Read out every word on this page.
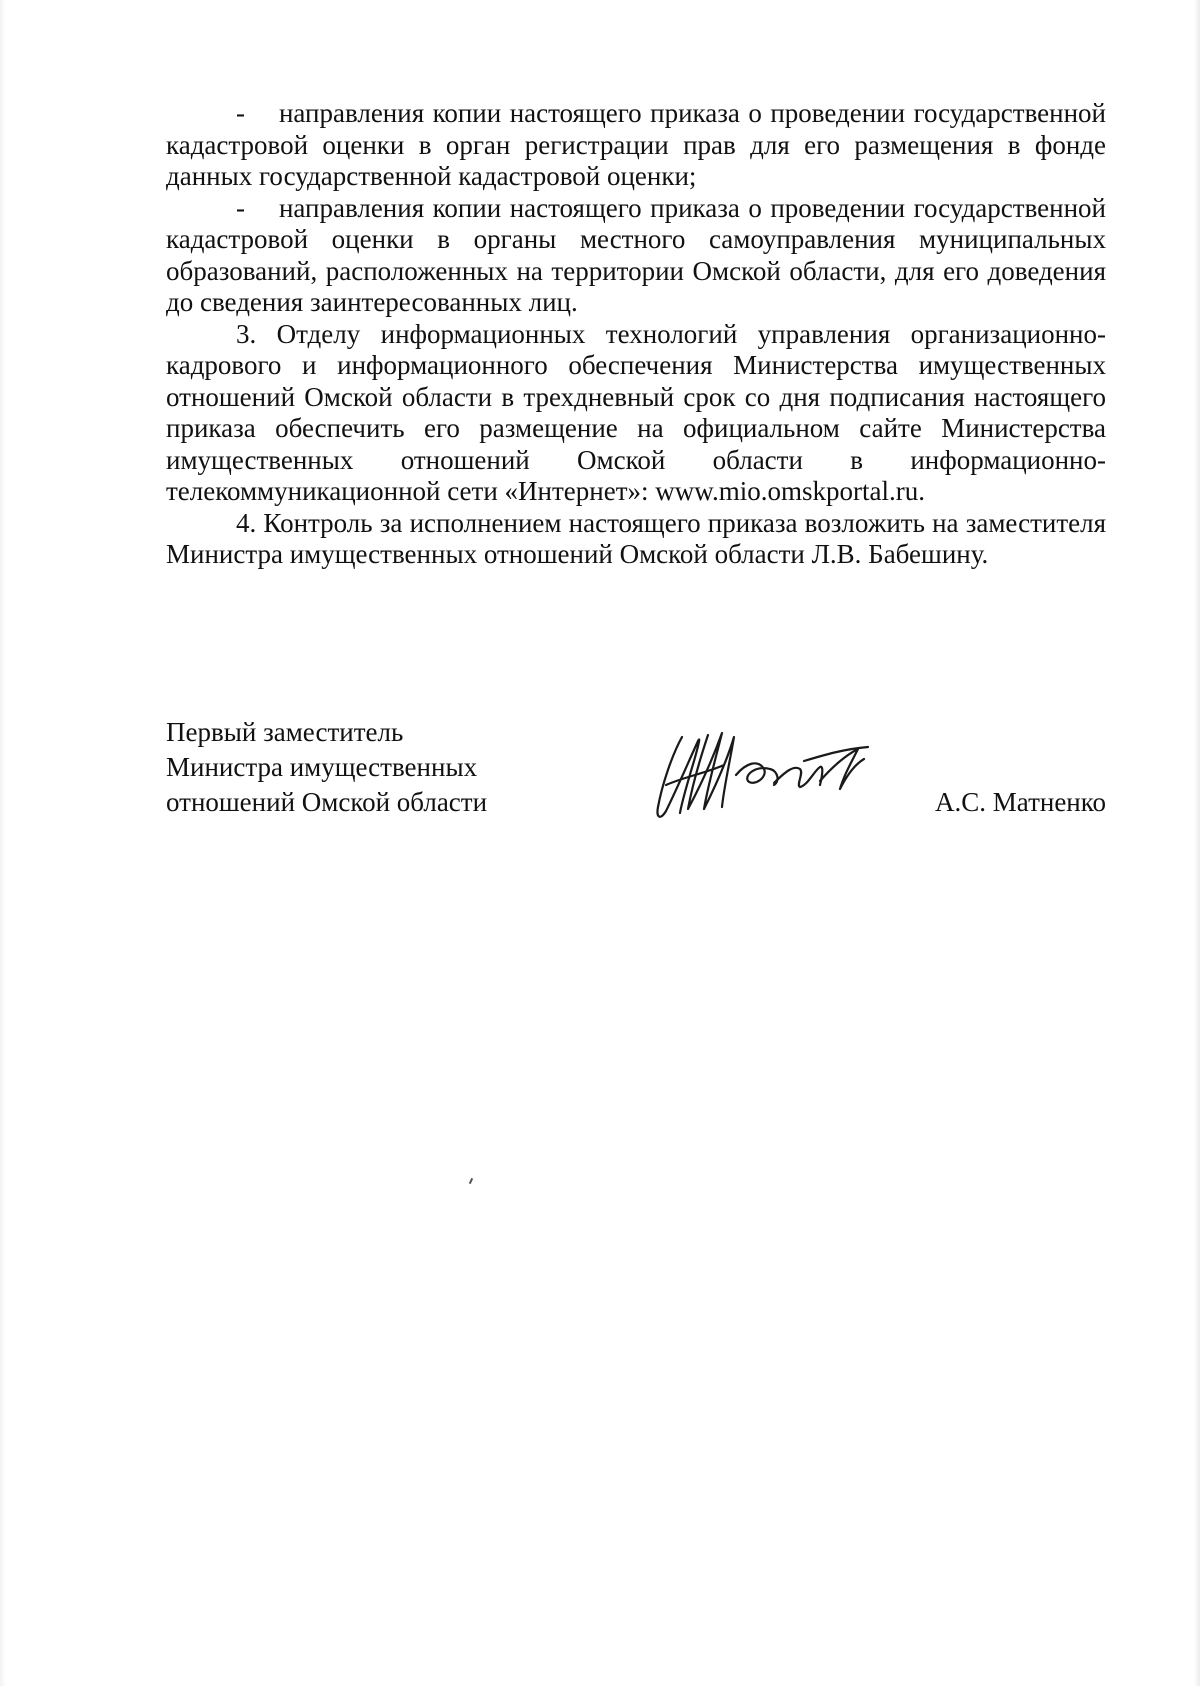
-    направления копии настоящего приказа о проведении государственной кадастровой оценки в орган регистрации прав для его размещения в фонде данных государственной кадастровой оценки;

-    направления копии настоящего приказа о проведении государственной кадастровой оценки в органы местного самоуправления муниципальных образований, расположенных на территории Омской области, для его доведения до сведения заинтересованных лиц.

3. Отделу информационных технологий управления организационно-кадрового и информационного обеспечения Министерства имущественных отношений Омской области в трехдневный срок со дня подписания настоящего приказа обеспечить его размещение на официальном сайте Министерства имущественных отношений Омской области в информационно-телекоммуникационной сети «Интернет»: www.mio.omskportal.ru.

4. Контроль за исполнением настоящего приказа возложить на заместителя Министра имущественных отношений Омской области Л.В. Бабешину.

Первый заместитель
Министра имущественных
отношений Омской области	А.С. Матненко
